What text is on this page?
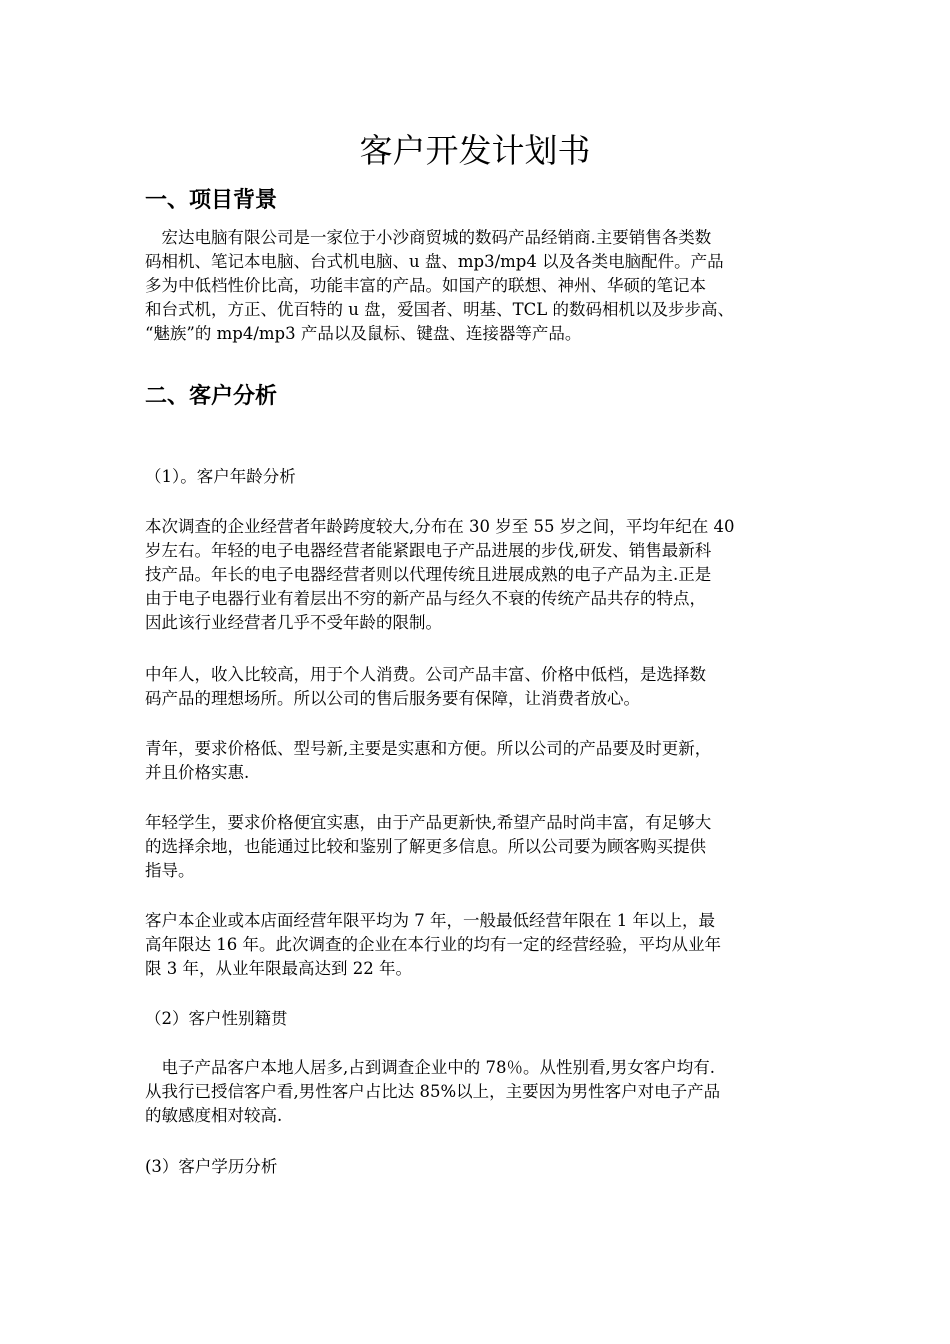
客户开发计划书
一、项目背景

　宏达电脑有限公司是一家位于小沙商贸城的数码产品经销商.主要销售各类数
码相机、笔记本电脑、台式机电脑、u 盘、mp3/mp4 以及各类电脑配件。产品
多为中低档性价比高，功能丰富的产品。如国产的联想、神州、华硕的笔记本
和台式机，方正、优百特的 u 盘，爱国者、明基、TCL 的数码相机以及步步高、
“魅族”的 mp4/mp3 产品以及鼠标、键盘、连接器等产品。

二、客户分析

（1）。客户年龄分析

本次调查的企业经营者年龄跨度较大,分布在 30 岁至 55 岁之间，平均年纪在 40
岁左右。年轻的电子电器经营者能紧跟电子产品进展的步伐,研发、销售最新科
技产品。年长的电子电器经营者则以代理传统且进展成熟的电子产品为主.正是
由于电子电器行业有着层出不穷的新产品与经久不衰的传统产品共存的特点，
因此该行业经营者几乎不受年龄的限制。

中年人，收入比较高，用于个人消费。公司产品丰富、价格中低档，是选择数
码产品的理想场所。所以公司的售后服务要有保障，让消费者放心。

青年，要求价格低、型号新,主要是实惠和方便。所以公司的产品要及时更新，
并且价格实惠.

年轻学生，要求价格便宜实惠，由于产品更新快,希望产品时尚丰富，有足够大
的选择余地，也能通过比较和鉴别了解更多信息。所以公司要为顾客购买提供
指导。

客户本企业或本店面经营年限平均为 7 年，一般最低经营年限在 1 年以上，最
高年限达 16 年。此次调查的企业在本行业的均有一定的经营经验，平均从业年
限 3 年，从业年限最高达到 22 年。

（2）客户性别籍贯

　电子产品客户本地人居多,占到调查企业中的 78％。从性别看,男女客户均有.
从我行已授信客户看,男性客户占比达 85%以上，主要因为男性客户对电子产品
的敏感度相对较高.

(3）客户学历分析
